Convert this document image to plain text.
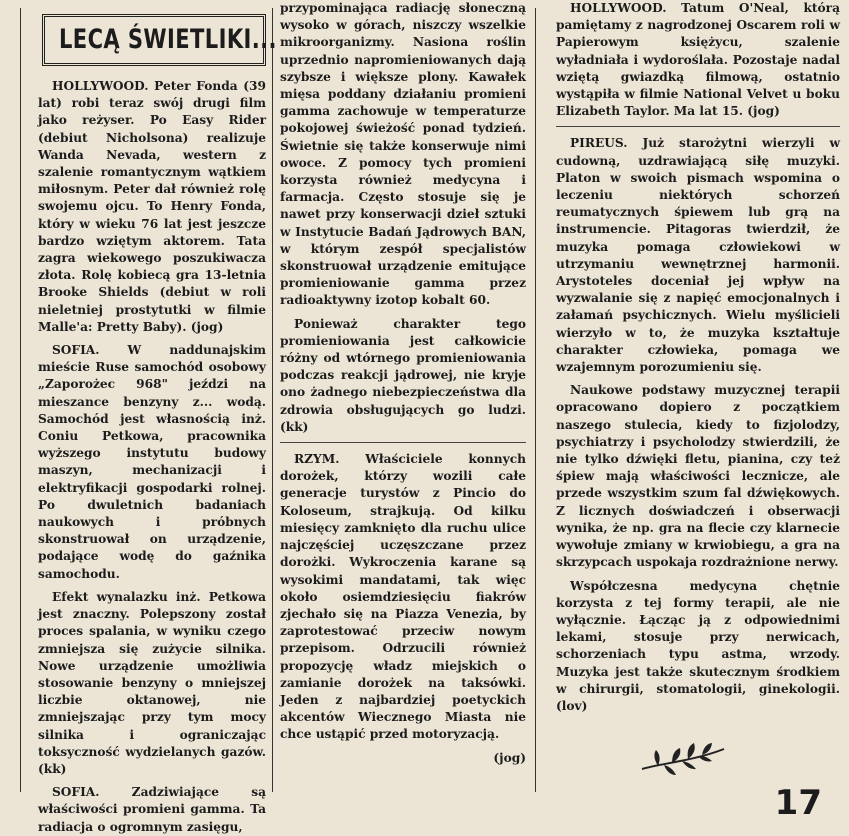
LECĄ ŚWIETLIKI...

HOLLYWOOD. Peter Fonda (39 lat) robi teraz swój drugi film jako reżyser. Po Easy Rider (debiut Nicholsona) realizuje Wanda Nevada, western z szalenie romantycznym wątkiem miłosnym. Peter dał również rolę swojemu ojcu. To Henry Fonda, który w wieku 76 lat jest jeszcze bardzo wziętym aktorem. Tata zagra wiekowego poszukiwacza złota. Rolę kobiecą gra 13-letnia Brooke Shields (debiut w roli nieletniej prostytutki w filmie Malle'a: Pretty Baby). (jog)

SOFIA. W naddunajskim mieście Ruse samochód osobowy „Zaporożec 968" jeździ na mieszance benzyny z... wodą. Samochód jest własnością inż. Coniu Petkowa, pracownika wyższego instytutu budowy maszyn, mechanizacji i elektryfikacji gospodarki rolnej. Po dwuletnich badaniach naukowych i próbnych skonstruował on urządzenie, podające wodę do gaźnika samochodu.

Efekt wynalazku inż. Petkowa jest znaczny. Polepszony został proces spalania, w wyniku czego zmniejsza się zużycie silnika. Nowe urządzenie umożliwia stosowanie benzyny o mniejszej liczbie oktanowej, nie zmniejszając przy tym mocy silnika i ograniczając toksyczność wydzielanych gazów. (kk)

SOFIA. Zadziwiające są właściwości promieni gamma. Ta radiacja o ogromnym zasięgu,

przypominająca radiację słoneczną wysoko w górach, niszczy wszelkie mikroorganizmy. Nasiona roślin uprzednio napromieniowanych dają szybsze i większe plony. Kawałek mięsa poddany działaniu promieni gamma zachowuje w temperaturze pokojowej świeżość ponad tydzień. Świetnie się także konserwuje nimi owoce. Z pomocy tych promieni korzysta również medycyna i farmacja. Często stosuje się je nawet przy konserwacji dzieł sztuki w Instytucie Badań Jądrowych BAN, w którym zespół specjalistów skonstruował urządzenie emitujące promieniowanie gamma przez radioaktywny izotop kobalt 60.

Ponieważ charakter tego promieniowania jest całkowicie różny od wtórnego promieniowania podczas reakcji jądrowej, nie kryje ono żadnego niebezpieczeństwa dla zdrowia obsługujących go ludzi. (kk)

RZYM. Właściciele konnych dorożek, którzy wozili całe generacje turystów z Pincio do Koloseum, strajkują. Od kilku miesięcy zamknięto dla ruchu ulice najczęściej uczęszczane przez dorożki. Wykroczenia karane są wysokimi mandatami, tak więc około osiemdziesięciu fiakrów zjechało się na Piazza Venezia, by zaprotestować przeciw nowym przepisom. Odrzucili również propozycję władz miejskich o zamianie dorożek na taksówki. Jeden z najbardziej poetyckich akcentów Wiecznego Miasta nie chce ustąpić przed motoryzacją.

(jog)

HOLLYWOOD. Tatum O'Neal, którą pamiętamy z nagrodzonej Oscarem roli w Papierowym księżycu, szalenie wyładniała i wydoroślała. Pozostaje nadal wziętą gwiazdką filmową, ostatnio wystąpiła w filmie National Velvet u boku Elizabeth Taylor. Ma lat 15. (jog)

PIREUS. Już starożytni wierzyli w cudowną, uzdrawiającą siłę muzyki. Platon w swoich pismach wspomina o leczeniu niektórych schorzeń reumatycznych śpiewem lub grą na instrumencie. Pitagoras twierdził, że muzyka pomaga człowiekowi w utrzymaniu wewnętrznej harmonii. Arystoteles doceniał jej wpływ na wyzwalanie się z napięć emocjonalnych i załamań psychicznych. Wielu myślicieli wierzyło w to, że muzyka kształtuje charakter człowieka, pomaga we wzajemnym porozumieniu się.

Naukowe podstawy muzycznej terapii opracowano dopiero z początkiem naszego stulecia, kiedy to fizjolodzy, psychiatrzy i psycholodzy stwierdzili, że nie tylko dźwięki fletu, pianina, czy też śpiew mają właściwości lecznicze, ale przede wszystkim szum fal dźwiękowych. Z licznych doświadczeń i obserwacji wynika, że np. gra na flecie czy klarnecie wywołuje zmiany w krwiobiegu, a gra na skrzypcach uspokaja rozdrażnione nerwy.

Współczesna medycyna chętnie korzysta z tej formy terapii, ale nie wyłącznie. Łącząc ją z odpowiednimi lekami, stosuje przy nerwicach, schorzeniach typu astma, wrzody. Muzyka jest także skutecznym środkiem w chirurgii, stomatologii, ginekologii. (lov)

17
